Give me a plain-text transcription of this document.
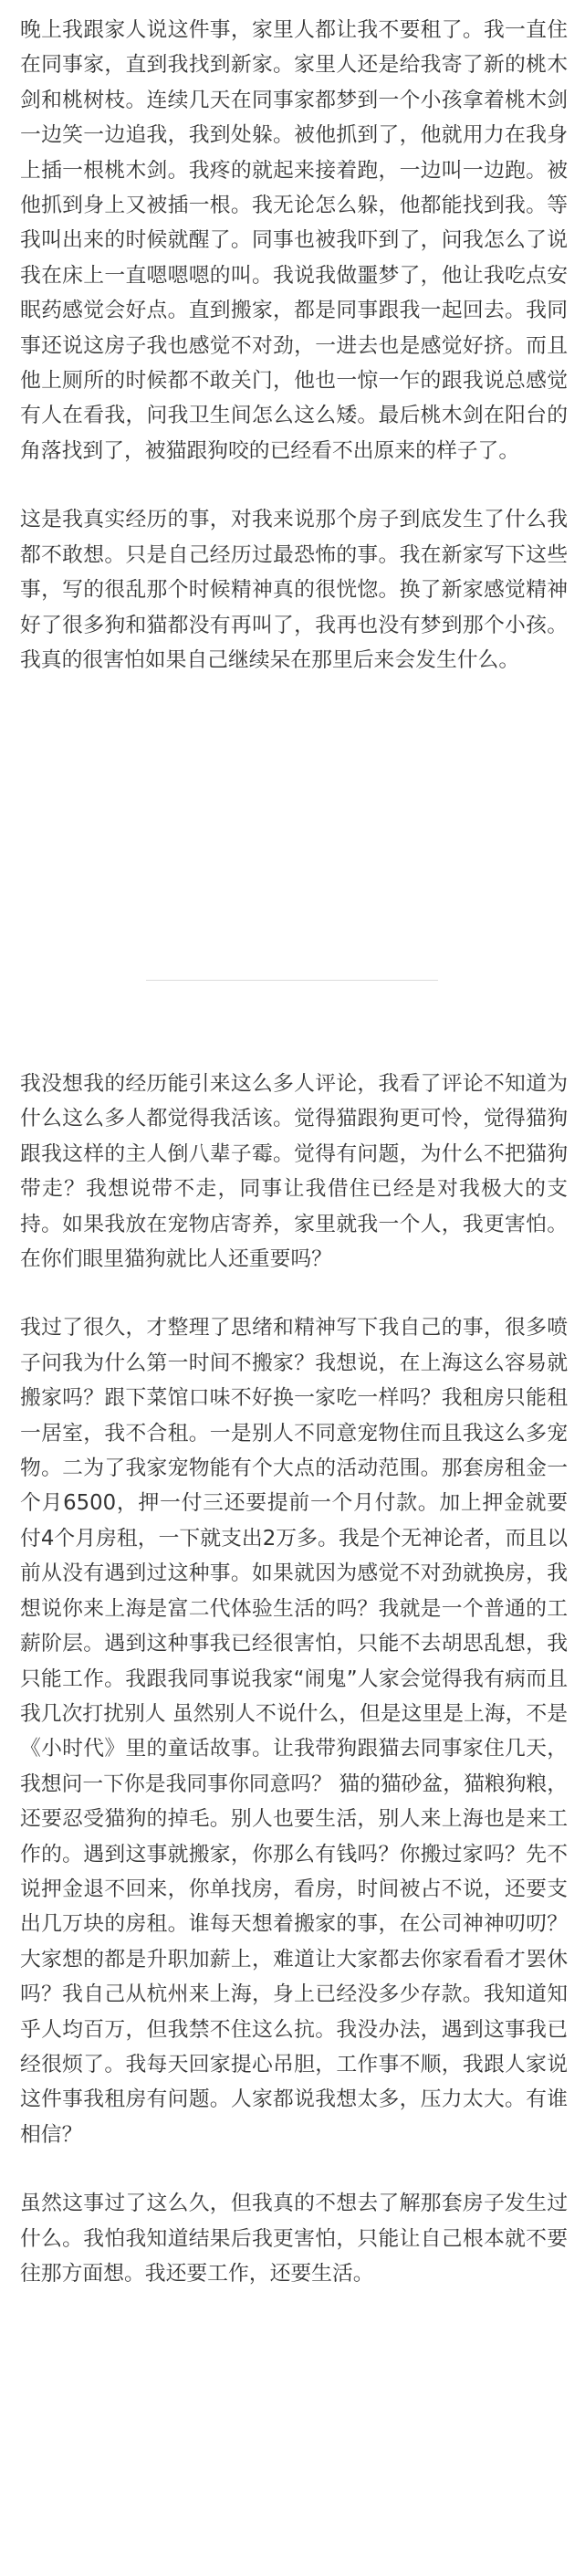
晚上我跟家人说这件事，家里人都让我不要租了。我一直住在同事家，直到我找到新家。家里人还是给我寄了新的桃木剑和桃树枝。连续几天在同事家都梦到一个小孩拿着桃木剑一边笑一边追我，我到处躲。被他抓到了，他就用力在我身上插一根桃木剑。我疼的就起来接着跑，一边叫一边跑。被他抓到身上又被插一根。我无论怎么躲，他都能找到我。等我叫出来的时候就醒了。同事也被我吓到了，问我怎么了说我在床上一直嗯嗯嗯的叫。我说我做噩梦了，他让我吃点安眠药感觉会好点。直到搬家，都是同事跟我一起回去。我同事还说这房子我也感觉不对劲，一进去也是感觉好挤。而且他上厕所的时候都不敢关门，他也一惊一乍的跟我说总感觉有人在看我，问我卫生间怎么这么矮。最后桃木剑在阳台的角落找到了，被猫跟狗咬的已经看不出原来的样子了。

这是我真实经历的事，对我来说那个房子到底发生了什么我都不敢想。只是自己经历过最恐怖的事。我在新家写下这些事，写的很乱那个时候精神真的很恍惚。换了新家感觉精神好了很多狗和猫都没有再叫了，我再也没有梦到那个小孩。我真的很害怕如果自己继续呆在那里后来会发生什么。

我没想我的经历能引来这么多人评论，我看了评论不知道为什么这么多人都觉得我活该。觉得猫跟狗更可怜，觉得猫狗跟我这样的主人倒八辈子霉。觉得有问题，为什么不把猫狗带走？我想说带不走，同事让我借住已经是对我极大的支持。如果我放在宠物店寄养，家里就我一个人，我更害怕。在你们眼里猫狗就比人还重要吗？

我过了很久，才整理了思绪和精神写下我自己的事，很多喷子问我为什么第一时间不搬家？我想说，在上海这么容易就搬家吗？跟下菜馆口味不好换一家吃一样吗？我租房只能租一居室，我不合租。一是别人不同意宠物住而且我这么多宠物。二为了我家宠物能有个大点的活动范围。那套房租金一个月6500，押一付三还要提前一个月付款。加上押金就要付4个月房租，一下就支出2万多。我是个无神论者，而且以前从没有遇到过这种事。如果就因为感觉不对劲就换房，我想说你来上海是富二代体验生活的吗？我就是一个普通的工薪阶层。遇到这种事我已经很害怕，只能不去胡思乱想，我只能工作。我跟我同事说我家“闹鬼”人家会觉得我有病而且我几次打扰别人 虽然别人不说什么，但是这里是上海，不是《小时代》里的童话故事。让我带狗跟猫去同事家住几天，我想问一下你是我同事你同意吗？ 猫的猫砂盆，猫粮狗粮，还要忍受猫狗的掉毛。别人也要生活，别人来上海也是来工作的。遇到这事就搬家，你那么有钱吗？你搬过家吗？先不说押金退不回来，你单找房，看房，时间被占不说，还要支出几万块的房租。谁每天想着搬家的事，在公司神神叨叨？大家想的都是升职加薪上，难道让大家都去你家看看才罢休吗？我自己从杭州来上海，身上已经没多少存款。我知道知乎人均百万，但我禁不住这么抗。我没办法，遇到这事我已经很烦了。我每天回家提心吊胆，工作事不顺，我跟人家说这件事我租房有问题。人家都说我想太多，压力太大。有谁相信？

虽然这事过了这么久，但我真的不想去了解那套房子发生过什么。我怕我知道结果后我更害怕，只能让自己根本就不要往那方面想。我还要工作，还要生活。
